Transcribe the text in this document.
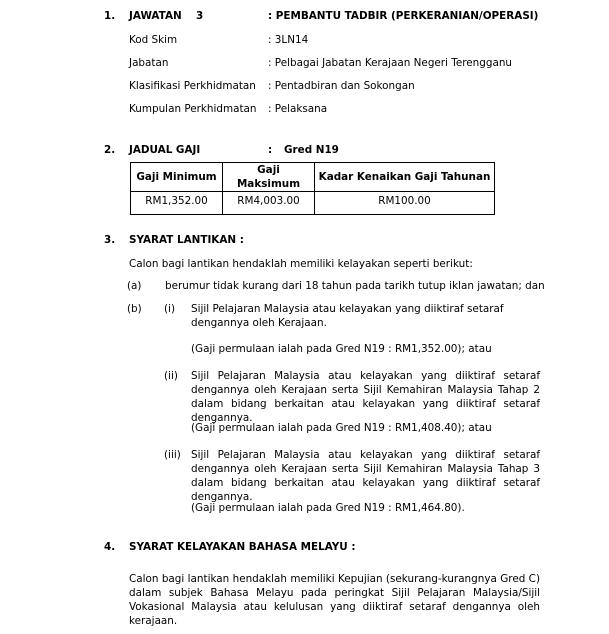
1. JAWATAN 3	: PEMBANTU TADBIR (PERKERANIAN/OPERASI)
Kod Skim	: 3LN14
Jabatan	: Pelbagai Jabatan Kerajaan Negeri Terengganu
Klasifikasi Perkhidmatan : Pentadbiran dan Sokongan
Kumpulan Perkhidmatan : Pelaksana
2. JADUAL GAJI	: Gred N19
Gaji Minimum	Gaji Maksimum	Kadar Kenaikan Gaji Tahunan
RM1,352.00	RM4,003.00	RM100.00
3. SYARAT LANTIKAN :
Calon bagi lantikan hendaklah memiliki kelayakan seperti berikut:
(a) berumur tidak kurang dari 18 tahun pada tarikh tutup iklan jawatan; dan
(b) (i) Sijil Pelajaran Malaysia atau kelayakan yang diiktiraf setaraf dengannya oleh Kerajaan.
(Gaji permulaan ialah pada Gred N19 : RM1,352.00); atau
(ii) Sijil Pelajaran Malaysia atau kelayakan yang diiktiraf setaraf dengannya oleh Kerajaan serta Sijil Kemahiran Malaysia Tahap 2 dalam bidang berkaitan atau kelayakan yang diiktiraf setaraf dengannya.
(Gaji permulaan ialah pada Gred N19 : RM1,408.40); atau
(iii) Sijil Pelajaran Malaysia atau kelayakan yang diiktiraf setaraf dengannya oleh Kerajaan serta Sijil Kemahiran Malaysia Tahap 3 dalam bidang berkaitan atau kelayakan yang diiktiraf setaraf dengannya.
(Gaji permulaan ialah pada Gred N19 : RM1,464.80).
4. SYARAT KELAYAKAN BAHASA MELAYU :
Calon bagi lantikan hendaklah memiliki Kepujian (sekurang-kurangnya Gred C) dalam subjek Bahasa Melayu pada peringkat Sijil Pelajaran Malaysia/Sijil Vokasional Malaysia atau kelulusan yang diiktiraf setaraf dengannya oleh kerajaan.
